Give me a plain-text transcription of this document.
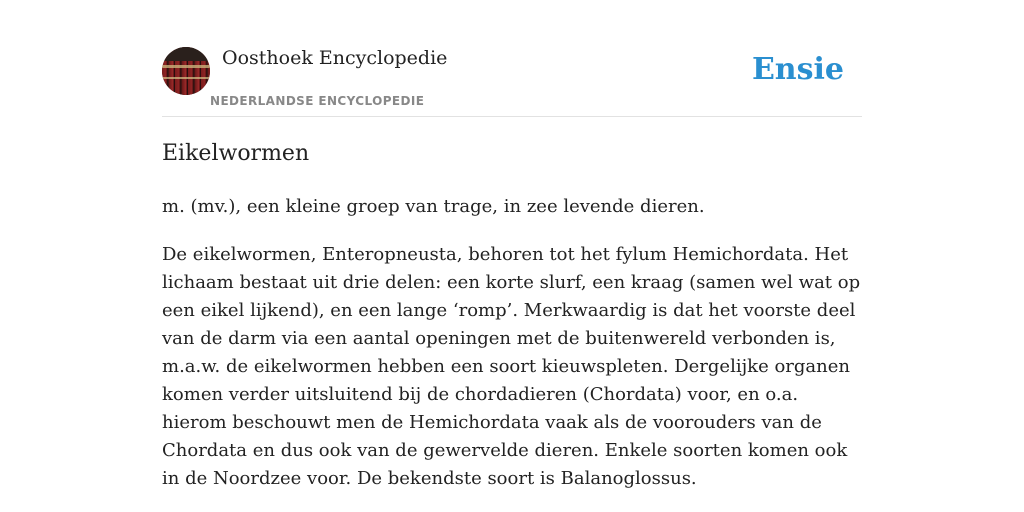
Oosthoek Encyclopedie
NEDERLANDSE ENCYCLOPEDIE
Ensie
Eikelwormen

m. (mv.), een kleine groep van trage, in zee levende dieren.

De eikelwormen, Enteropneusta, behoren tot het fylum Hemichordata. Het lichaam bestaat uit drie delen: een korte slurf, een kraag (samen wel wat op een eikel lijkend), en een lange ‘romp’. Merkwaardig is dat het voorste deel van de darm via een aantal openingen met de buitenwereld verbonden is, m.a.w. de eikelwormen hebben een soort kieuwspleten. Dergelijke organen komen verder uitsluitend bij de chordadieren (Chordata) voor, en o.a. hierom beschouwt men de Hemichordata vaak als de voorouders van de Chordata en dus ook van de gewervelde dieren. Enkele soorten komen ook in de Noordzee voor. De bekendste soort is Balanoglossus.
